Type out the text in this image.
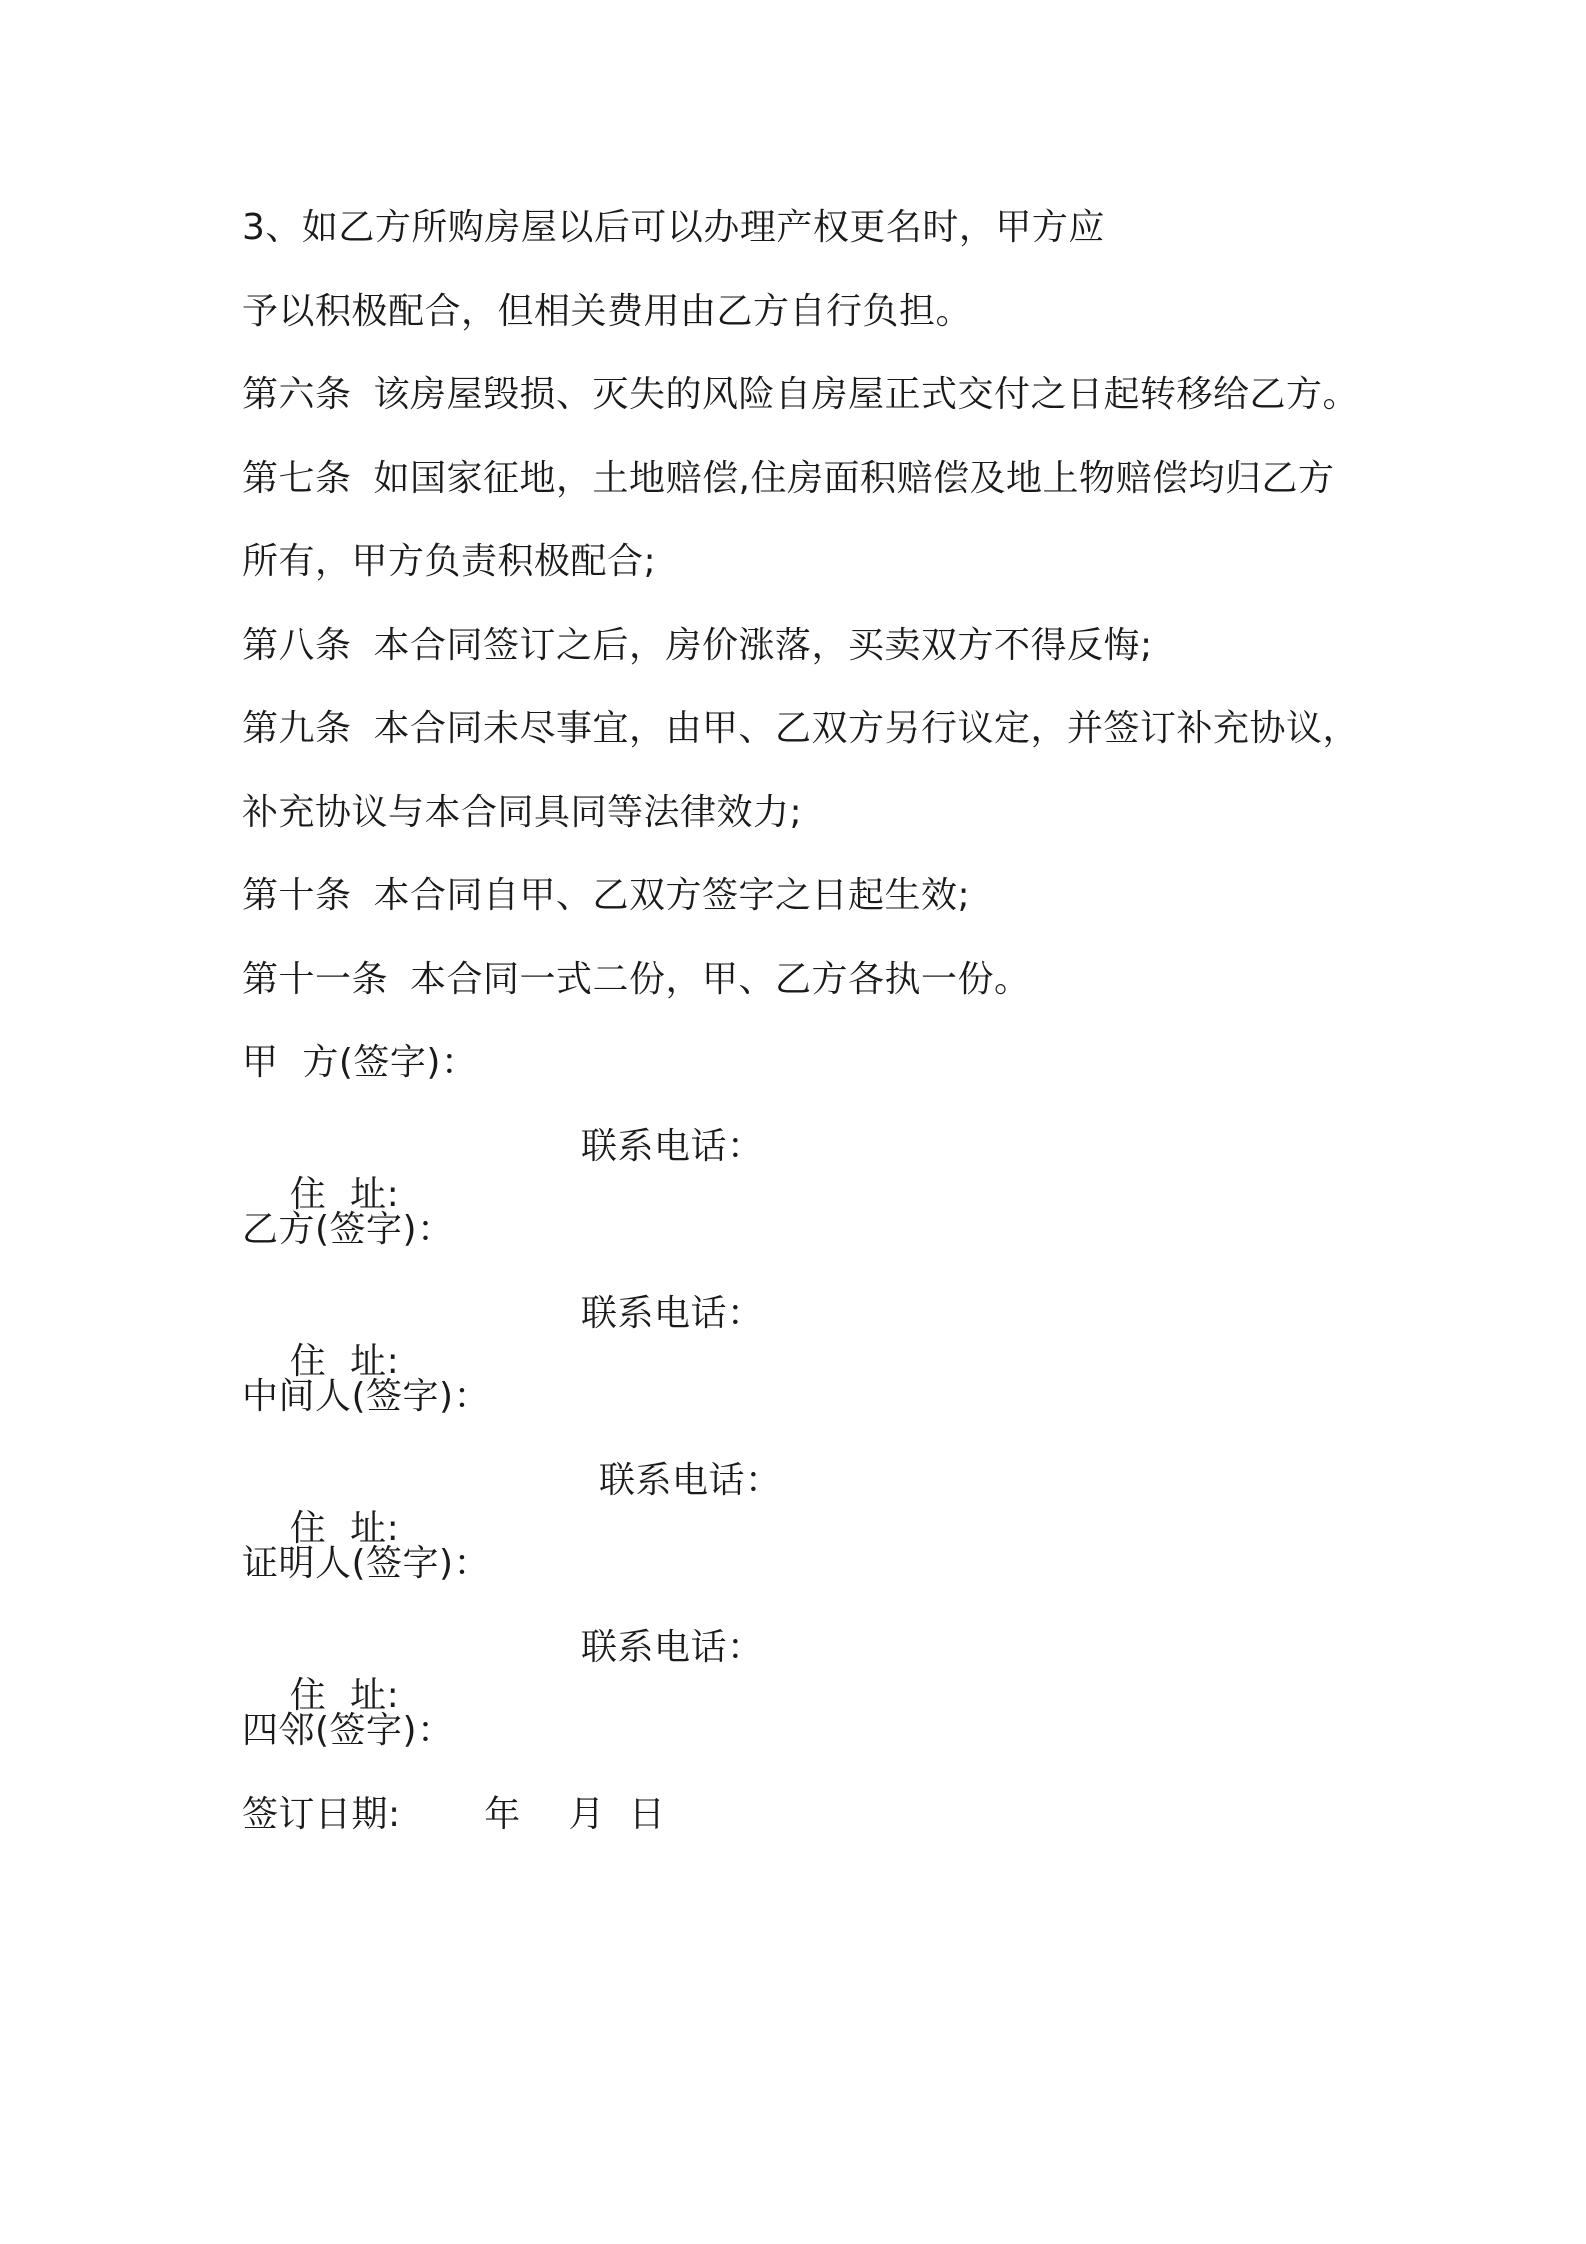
3、如乙方所购房屋以后可以办理产权更名时，甲方应
予以积极配合，但相关费用由乙方自行负担。
第六条 该房屋毁损、灭失的风险自房屋正式交付之日起转移给乙方。
第七条 如国家征地，土地赔偿,住房面积赔偿及地上物赔偿均归乙方
所有，甲方负责积极配合;
第八条 本合同签订之后，房价涨落，买卖双方不得反悔;
第九条 本合同未尽事宜，由甲、乙双方另行议定，并签订补充协议，
补充协议与本合同具同等法律效力;
第十条 本合同自甲、乙双方签字之日起生效;
第十一条 本合同一式二份，甲、乙方各执一份。
甲  方(签字)：

住  址:

联系电话：

乙方(签字)：

住  址:

联系电话：

中间人(签字)：

住  址:

联系电话：

证明人(签字)：

住  址:

联系电话：

四邻(签字)：
签订日期:       年    月  日
